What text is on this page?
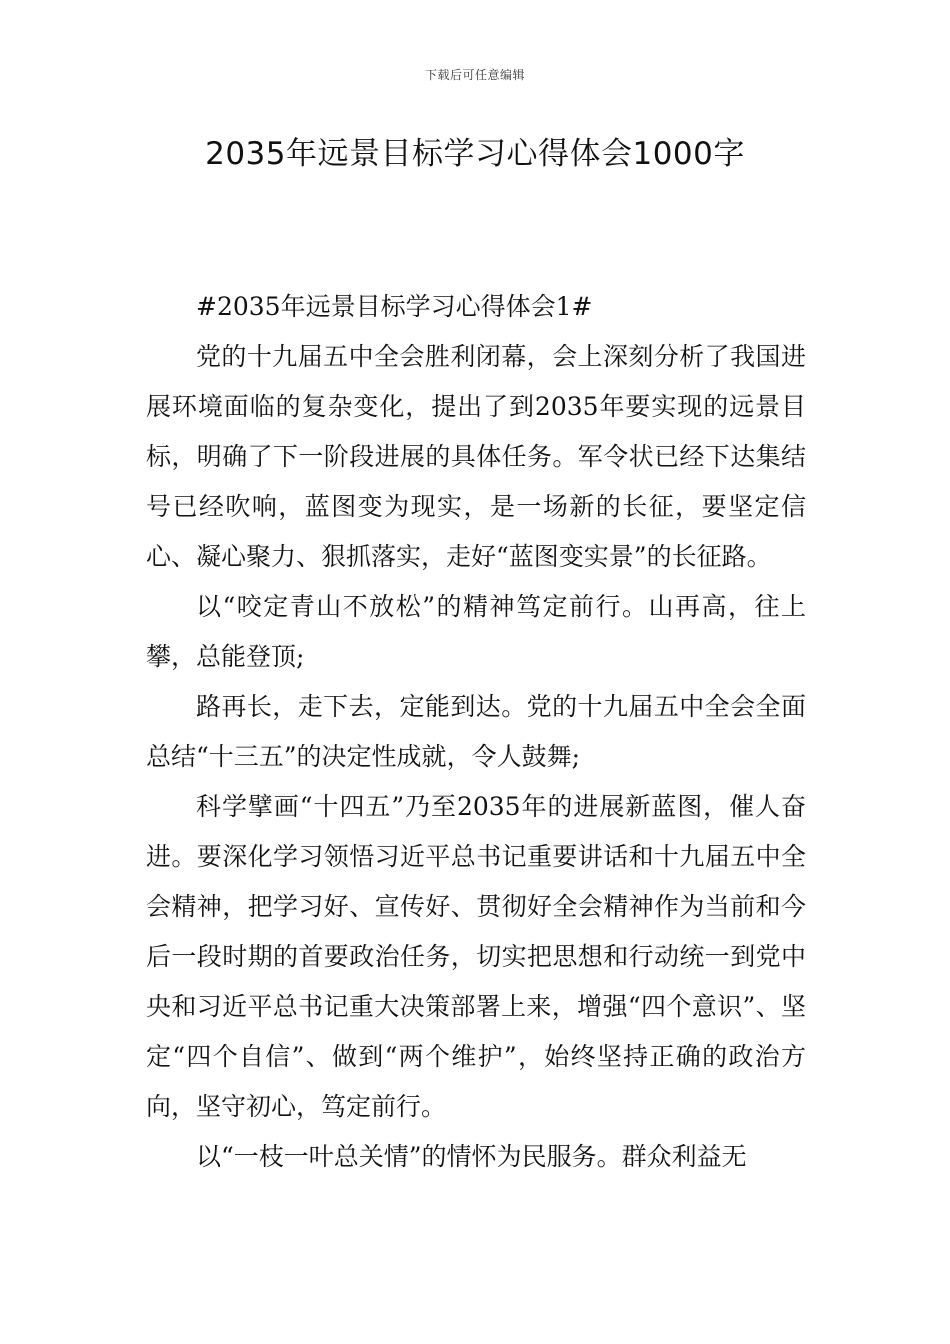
下载后可任意编辑
2035年远景目标学习心得体会1000字

#2035年远景目标学习心得体会1#

党的十九届五中全会胜利闭幕，会上深刻分析了我国进展环境面临的复杂变化，提出了到2035年要实现的远景目标，明确了下一阶段进展的具体任务。军令状已经下达集结号已经吹响，蓝图变为现实，是一场新的长征，要坚定信心、凝心聚力、狠抓落实，走好“蓝图变实景”的长征路。

以“咬定青山不放松”的精神笃定前行。山再高，往上攀，总能登顶;

路再长，走下去，定能到达。党的十九届五中全会全面总结“十三五”的决定性成就，令人鼓舞;

科学擘画“十四五”乃至2035年的进展新蓝图，催人奋进。要深化学习领悟习近平总书记重要讲话和十九届五中全会精神，把学习好、宣传好、贯彻好全会精神作为当前和今后一段时期的首要政治任务，切实把思想和行动统一到党中央和习近平总书记重大决策部署上来，增强“四个意识”、坚定“四个自信”、做到“两个维护”，始终坚持正确的政治方向，坚守初心，笃定前行。

以“一枝一叶总关情”的情怀为民服务。群众利益无
